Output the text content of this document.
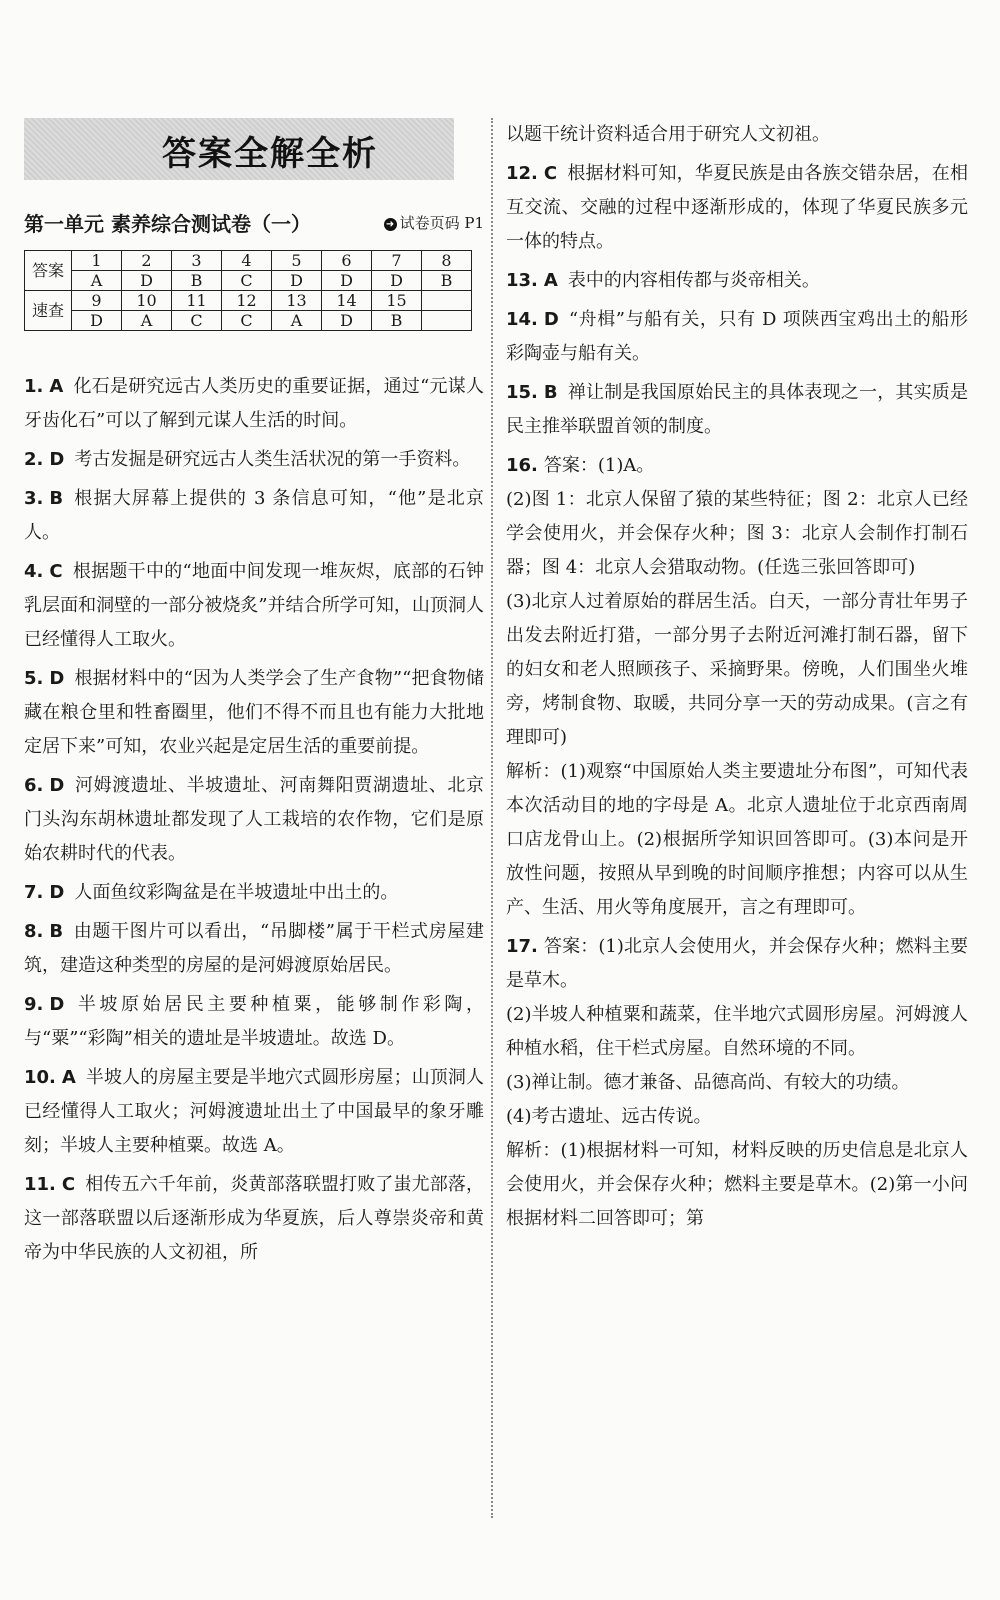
答案全解全析
第一单元 素养综合测试卷（一）	➜ 试卷页码 P1
答案	1	2	3	4	5	6	7	8
	A	D	B	C	D	D	D	B
速查	9	10	11	12	13	14	15	
	D	A	C	C	A	D	B	

1. A 化石是研究远古人类历史的重要证据，通过“元谋人牙齿化石”可以了解到元谋人生活的时间。

2. D 考古发掘是研究远古人类生活状况的第一手资料。

3. B 根据大屏幕上提供的 3 条信息可知，“他”是北京人。

4. C 根据题干中的“地面中间发现一堆灰烬，底部的石钟乳层面和洞壁的一部分被烧炙”并结合所学可知，山顶洞人已经懂得人工取火。

5. D 根据材料中的“因为人类学会了生产食物”“把食物储藏在粮仓里和牲畜圈里，他们不得不而且也有能力大批地定居下来”可知，农业兴起是定居生活的重要前提。

6. D 河姆渡遗址、半坡遗址、河南舞阳贾湖遗址、北京门头沟东胡林遗址都发现了人工栽培的农作物，它们是原始农耕时代的代表。

7. D 人面鱼纹彩陶盆是在半坡遗址中出土的。

8. B 由题干图片可以看出，“吊脚楼”属于干栏式房屋建筑，建造这种类型的房屋的是河姆渡原始居民。

9. D 半坡原始居民主要种植粟，能够制作彩陶，与“粟”“彩陶”相关的遗址是半坡遗址。故选 D。

10. A 半坡人的房屋主要是半地穴式圆形房屋；山顶洞人已经懂得人工取火；河姆渡遗址出土了中国最早的象牙雕刻；半坡人主要种植粟。故选 A。

11. C 相传五六千年前，炎黄部落联盟打败了蚩尤部落，这一部落联盟以后逐渐形成为华夏族，后人尊崇炎帝和黄帝为中华民族的人文初祖，所

以题干统计资料适合用于研究人文初祖。

12. C 根据材料可知，华夏民族是由各族交错杂居，在相互交流、交融的过程中逐渐形成的，体现了华夏民族多元一体的特点。

13. A 表中的内容相传都与炎帝相关。

14. D “舟楫”与船有关，只有 D 项陕西宝鸡出土的船形彩陶壶与船有关。

15. B 禅让制是我国原始民主的具体表现之一，其实质是民主推举联盟首领的制度。

16. 答案：(1)A。

(2)图 1：北京人保留了猿的某些特征；图 2：北京人已经学会使用火，并会保存火种；图 3：北京人会制作打制石器；图 4：北京人会猎取动物。(任选三张回答即可)

(3)北京人过着原始的群居生活。白天，一部分青壮年男子出发去附近打猎，一部分男子去附近河滩打制石器，留下的妇女和老人照顾孩子、采摘野果。傍晚，人们围坐火堆旁，烤制食物、取暖，共同分享一天的劳动成果。(言之有理即可)

解析：(1)观察“中国原始人类主要遗址分布图”，可知代表本次活动目的地的字母是 A。北京人遗址位于北京西南周口店龙骨山上。(2)根据所学知识回答即可。(3)本问是开放性问题，按照从早到晚的时间顺序推想；内容可以从生产、生活、用火等角度展开，言之有理即可。

17. 答案：(1)北京人会使用火，并会保存火种；燃料主要是草木。

(2)半坡人种植粟和蔬菜，住半地穴式圆形房屋。河姆渡人种植水稻，住干栏式房屋。自然环境的不同。

(3)禅让制。德才兼备、品德高尚、有较大的功绩。

(4)考古遗址、远古传说。

解析：(1)根据材料一可知，材料反映的历史信息是北京人会使用火，并会保存火种；燃料主要是草木。(2)第一小问根据材料二回答即可；第
